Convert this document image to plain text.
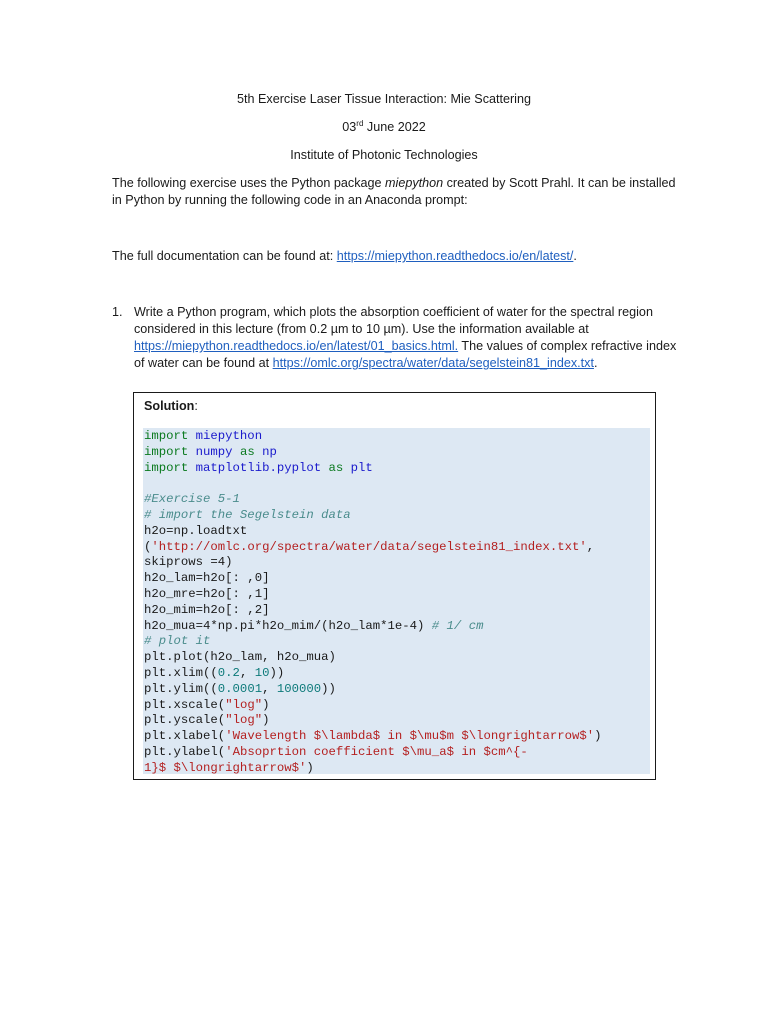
5th Exercise Laser Tissue Interaction: Mie Scattering
03rd June 2022
Institute of Photonic Technologies
The following exercise uses the Python package miepython created by Scott Prahl. It can be installed in Python by running the following code in an Anaconda prompt:
The full documentation can be found at: https://miepython.readthedocs.io/en/latest/.
1. Write a Python program, which plots the absorption coefficient of water for the spectral region considered in this lecture (from 0.2 µm to 10 µm). Use the information available at https://miepython.readthedocs.io/en/latest/01_basics.html. The values of complex refractive index of water can be found at https://omlc.org/spectra/water/data/segelstein81_index.txt.
Solution:
import miepython
import numpy as np
import matplotlib.pyplot as plt

#Exercise 5-1
# import the Segelstein data
h2o=np.loadtxt
('http://omlc.org/spectra/water/data/segelstein81_index.txt',
skiprows =4)
h2o_lam=h2o[: ,0]
h2o_mre=h2o[: ,1]
h2o_mim=h2o[: ,2]
h2o_mua=4*np.pi*h2o_mim/(h2o_lam*1e-4) # 1/ cm
# plot it
plt.plot(h2o_lam, h2o_mua)
plt.xlim((0.2, 10))
plt.ylim((0.0001, 100000))
plt.xscale("log")
plt.yscale("log")
plt.xlabel('Wavelength $\lambda$ in $\mu$m $\longrightarrow$')
plt.ylabel('Absoprtion coefficient $\mu_a$ in $cm^{-
1}$ $\longrightarrow$')
